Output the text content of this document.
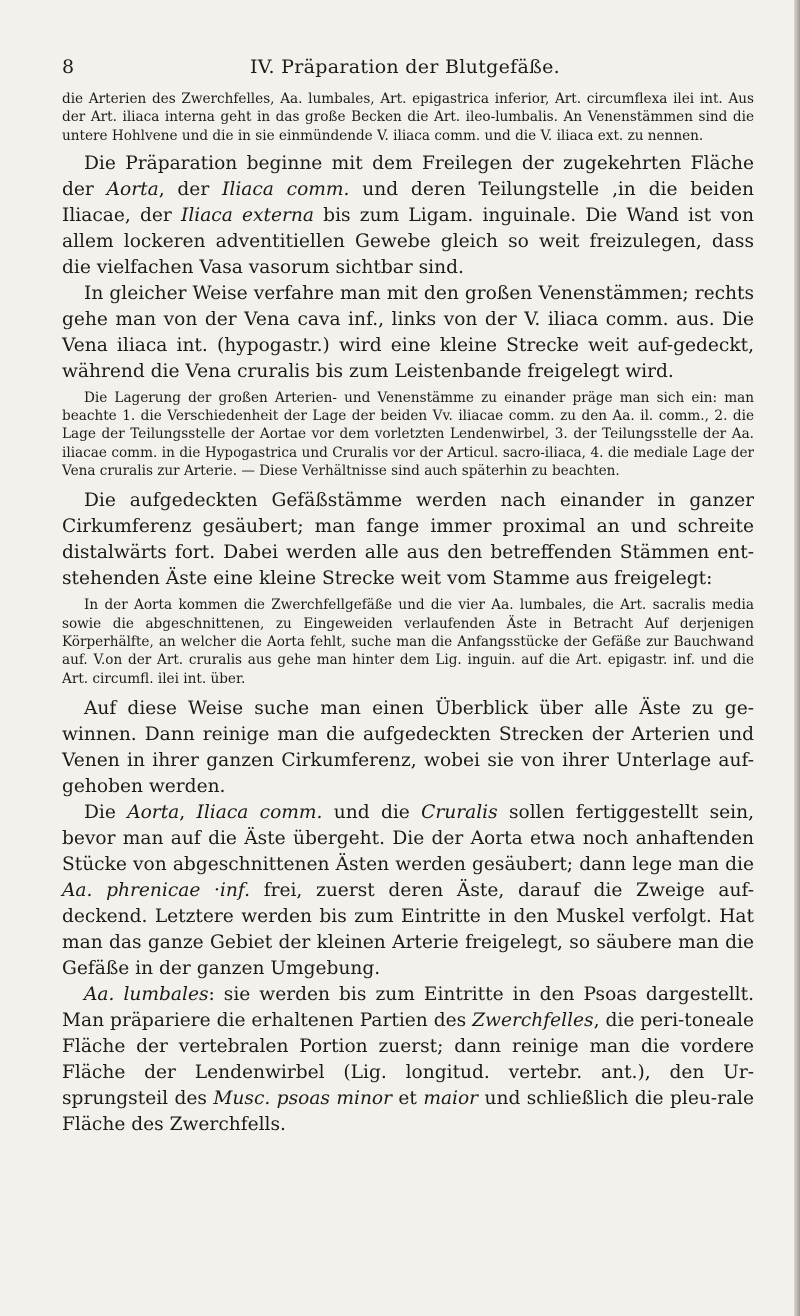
8	IV. Präparation der Blutgefäße.

die Arterien des Zwerchfelles, Aa. lumbales, Art. epigastrica inferior, Art. circumflexa ilei int. Aus der Art. iliaca interna geht in das große Becken die Art. ileo-lumbalis. An Venenstämmen sind die untere Hohlvene und die in sie einmündende V. iliaca comm. und die V. iliaca ext. zu nennen.

Die Präparation beginne mit dem Freilegen der zugekehrten Fläche der Aorta, der Iliaca comm. und deren Teilungstelle ‚in die beiden Iliacae, der Iliaca externa bis zum Ligam. inguinale. Die Wand ist von allem lockeren adventitiellen Gewebe gleich so weit freizulegen, dass die vielfachen Vasa vasorum sichtbar sind.

In gleicher Weise verfahre man mit den großen Venenstämmen; rechts gehe man von der Vena cava inf., links von der V. iliaca comm. aus. Die Vena iliaca int. (hypogastr.) wird eine kleine Strecke weit auf-gedeckt, während die Vena cruralis bis zum Leistenbande freigelegt wird.

Die Lagerung der großen Arterien- und Venenstämme zu einander präge man sich ein: man beachte 1. die Verschiedenheit der Lage der beiden Vv. iliacae comm. zu den Aa. il. comm., 2. die Lage der Teilungsstelle der Aortae vor dem vorletzten Lendenwirbel, 3. der Teilungsstelle der Aa. iliacae comm. in die Hypogastrica und Cruralis vor der Articul. sacro-iliaca, 4. die mediale Lage der Vena cruralis zur Arterie. — Diese Verhältnisse sind auch späterhin zu beachten.

Die aufgedeckten Gefäßstämme werden nach einander in ganzer Cirkumferenz gesäubert; man fange immer proximal an und schreite distalwärts fort. Dabei werden alle aus den betreffenden Stämmen ent-stehenden Äste eine kleine Strecke weit vom Stamme aus freigelegt:

In der Aorta kommen die Zwerchfellgefäße und die vier Aa. lumbales, die Art. sacralis media sowie die abgeschnittenen, zu Eingeweiden verlaufenden Äste in Betracht Auf derjenigen Körperhälfte, an welcher die Aorta fehlt, suche man die Anfangsstücke der Gefäße zur Bauchwand auf. V.on der Art. cruralis aus gehe man hinter dem Lig. inguin. auf die Art. epigastr. inf. und die Art. circumfl. ilei int. über.

Auf diese Weise suche man einen Überblick über alle Äste zu ge-winnen. Dann reinige man die aufgedeckten Strecken der Arterien und Venen in ihrer ganzen Cirkumferenz, wobei sie von ihrer Unterlage auf-gehoben werden.

Die Aorta, Iliaca comm. und die Cruralis sollen fertiggestellt sein, bevor man auf die Äste übergeht. Die der Aorta etwa noch anhaftenden Stücke von abgeschnittenen Ästen werden gesäubert; dann lege man die Aa. phrenicae ·inf. frei, zuerst deren Äste, darauf die Zweige auf-deckend. Letztere werden bis zum Eintritte in den Muskel verfolgt. Hat man das ganze Gebiet der kleinen Arterie freigelegt, so säubere man die Gefäße in der ganzen Umgebung.

Aa. lumbales: sie werden bis zum Eintritte in den Psoas dargestellt. Man präpariere die erhaltenen Partien des Zwerchfelles, die peri-toneale Fläche der vertebralen Portion zuerst; dann reinige man die vordere Fläche der Lendenwirbel (Lig. longitud. vertebr. ant.), den Ur-sprungsteil des Musc. psoas minor et maior und schließlich die pleu-rale Fläche des Zwerchfells.
